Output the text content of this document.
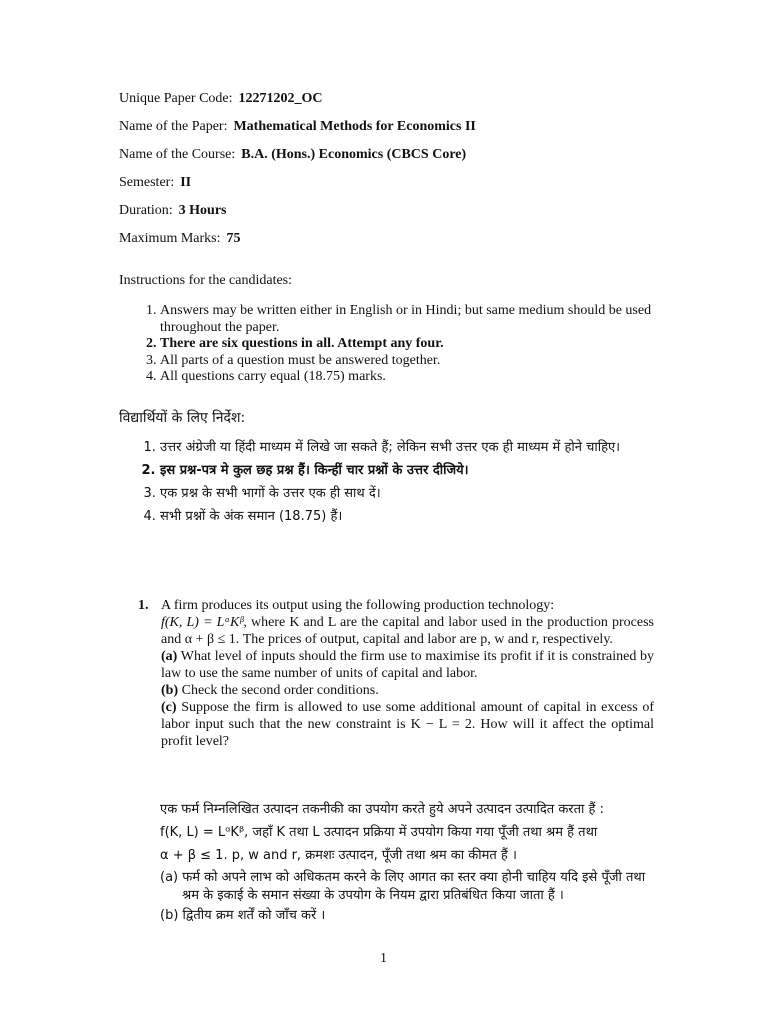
Unique Paper Code: 12271202_OC
Name of the Paper: Mathematical Methods for Economics II
Name of the Course: B.A. (Hons.) Economics (CBCS Core)
Semester: II
Duration: 3 Hours
Maximum Marks: 75
Instructions for the candidates:
1. Answers may be written either in English or in Hindi; but same medium should be used throughout the paper.
2. There are six questions in all. Attempt any four.
3. All parts of a question must be answered together.
4. All questions carry equal (18.75) marks.
विद्यार्थियों के लिए निर्देश:
1. उत्तर अंग्रेजी या हिंदी माध्यम में लिखे जा सकते हैं; लेकिन सभी उत्तर एक ही माध्यम में होने चाहिए।
2. इस प्रश्न-पत्र मे कुल छह प्रश्न हैं। किन्हीं चार प्रश्नों के उत्तर दीजिये।
3. एक प्रश्न के सभी भागों के उत्तर एक ही साथ दें।
4. सभी प्रश्नों के अंक समान (18.75) हैं।
1. A firm produces its output using the following production technology:

f(K, L) = LᵅKᵝ, where K and L are the capital and labor used in the production process and α + β ≤ 1. The prices of output, capital and labor are p, w and r, respectively.

(a) What level of inputs should the firm use to maximise its profit if it is constrained by law to use the same number of units of capital and labor.

(b) Check the second order conditions.

(c) Suppose the firm is allowed to use some additional amount of capital in excess of labor input such that the new constraint is K − L = 2. How will it affect the optimal profit level?

एक फर्म निम्नलिखित उत्पादन तकनीकी का उपयोग करते हुये अपने उत्पादन उत्पादित करता हैं :

f(K, L) = LᵅKᵝ, जहाँ K तथा L उत्पादन प्रक्रिया में उपयोग किया गया पूँजी तथा श्रम हैं तथा

α + β ≤ 1. p, w and r, क्रमशः उत्पादन, पूँजी तथा श्रम का कीमत हैं ।

(a) फर्म को अपने लाभ को अधिकतम करने के लिए आगत का स्तर क्या होनी चाहिय यदि इसे पूँजी तथा श्रम के इकाई के समान संख्या के उपयोग के नियम द्वारा प्रतिबंधित किया जाता हैं ।

(b) द्वितीय क्रम शर्तें को जाँच करें ।

1
